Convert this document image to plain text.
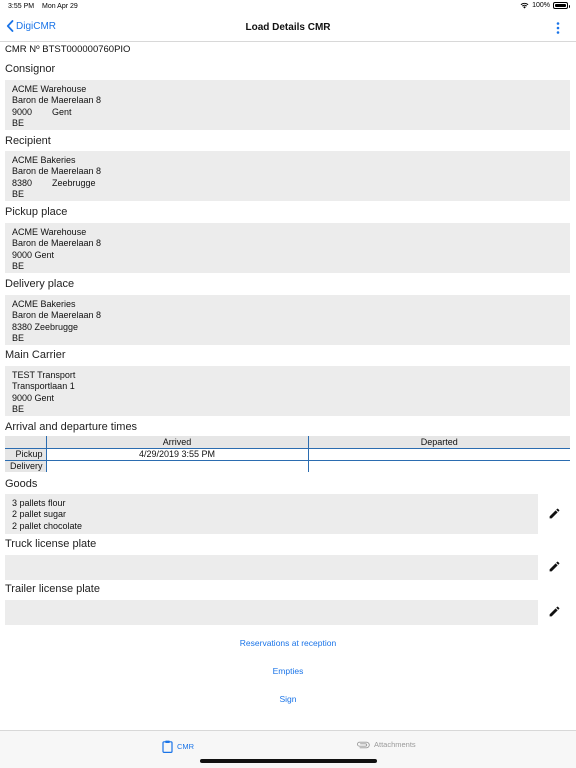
3:55 PM Mon Apr 29	100%
DigiCMR	Load Details CMR
CMR Nº BTST000000760PIO
Consignor
ACME Warehouse
Baron de Maerelaan 8
9000	Gent
BE
Recipient
ACME Bakeries
Baron de Maerelaan 8
8380	Zeebrugge
BE
Pickup place
ACME Warehouse
Baron de Maerelaan 8
9000 Gent
BE
Delivery place
ACME Bakeries
Baron de Maerelaan 8
8380 Zeebrugge
BE
Main Carrier
TEST Transport
Transportlaan 1
9000 Gent
BE
Arrival and departure times
	Arrived	Departed
Pickup	4/29/2019 3:55 PM	
Delivery		
Goods
3 pallets flour
2 pallet sugar
2 pallet chocolate
Truck license plate
Trailer license plate
Reservations at reception
Empties
Sign
CMR	Attachments
